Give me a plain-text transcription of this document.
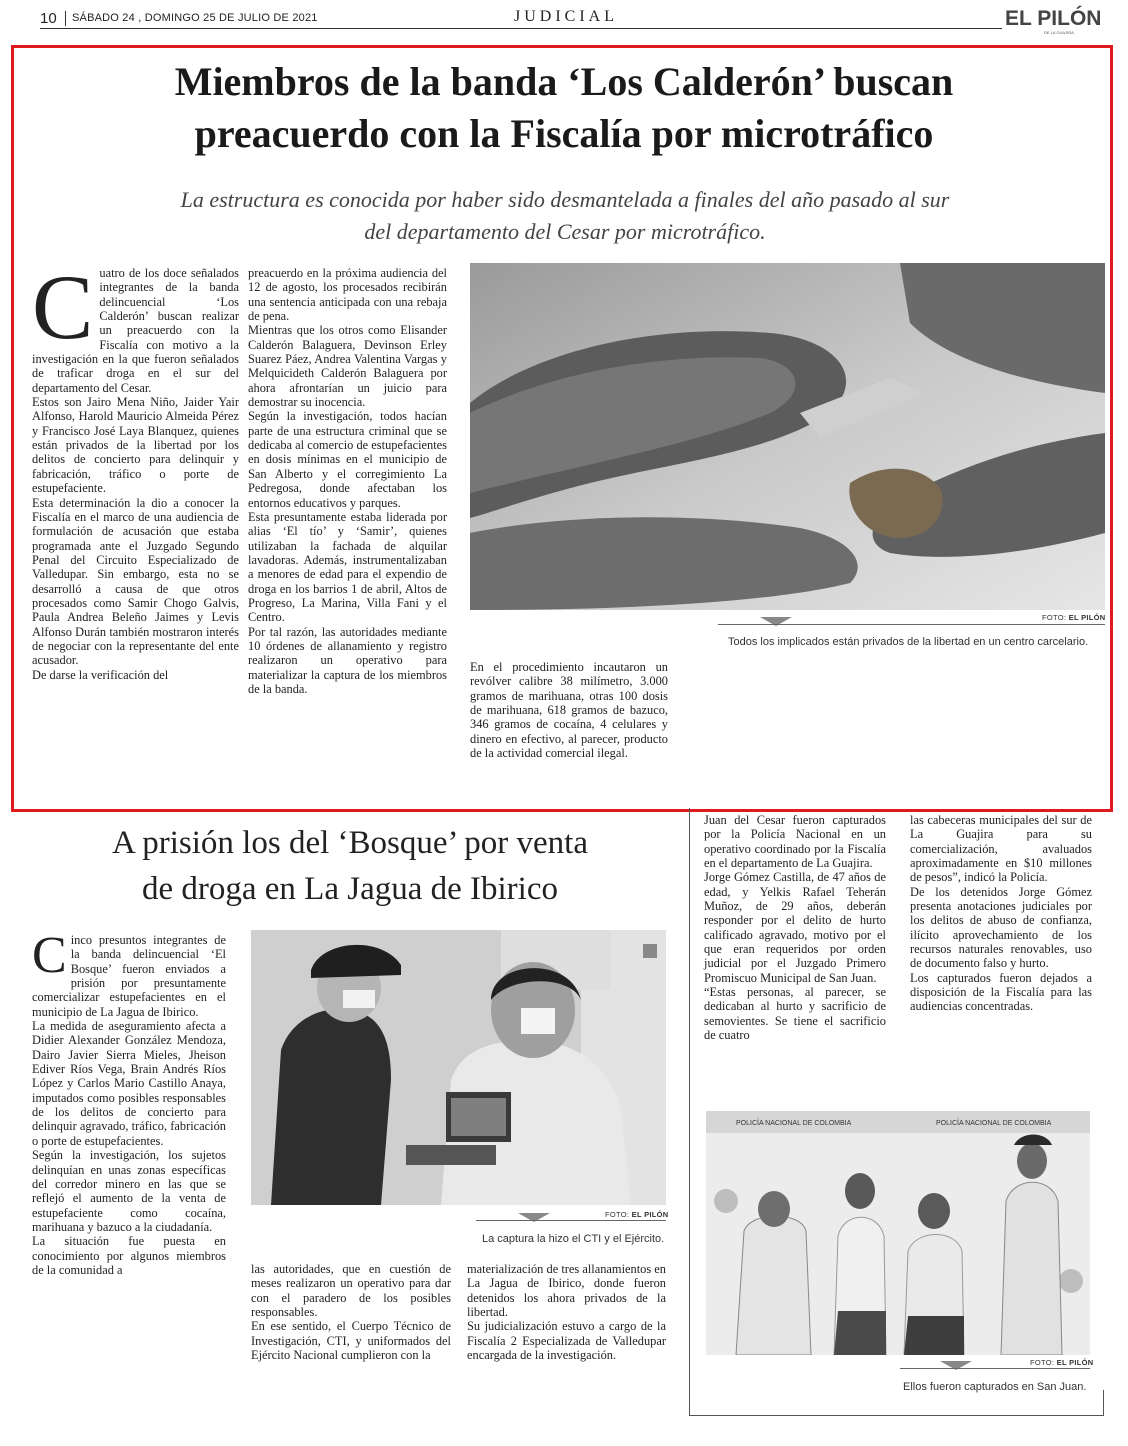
10 SÁBADO 24 , DOMINGO 25 DE JULIO DE 2021	JUDICIAL	EL PILÓN
DE LA GUAJIRA
Miembros de la banda ‘Los Calderón’ buscan
preacuerdo con la Fiscalía por microtráfico
La estructura es conocida por haber sido desmantelada a finales del año pasado al sur
del departamento del Cesar por microtráfico.

Cuatro de los doce señalados integrantes de la banda delincuencial ‘Los Calderón’ buscan realizar un preacuerdo con la Fiscalía con motivo a la investigación en la que fueron señalados de traficar droga en el sur del departamento del Cesar.

Estos son Jairo Mena Niño, Jaider Yair Alfonso, Harold Mauricio Almeida Pérez y Francisco José Laya Blanquez, quienes están privados de la libertad por los delitos de concierto para delinquir y fabricación, tráfico o porte de estupefaciente.

Esta determinación la dio a conocer la Fiscalía en el marco de una audiencia de formulación de acusación que estaba programada ante el Juzgado Segundo Penal del Circuito Especializado de Valledupar. Sin embargo, esta no se desarrolló a causa de que otros procesados como Samir Chogo Galvis, Paula Andrea Beleño Jaimes y Levis Alfonso Durán también mostraron interés de negociar con la representante del ente acusador.

De darse la verificación del

preacuerdo en la próxima audiencia del 12 de agosto, los procesados recibirán una sentencia anticipada con una rebaja de pena.

Mientras que los otros como Elisander Calderón Balaguera, Devinson Erley Suarez Páez, Andrea Valentina Vargas y Melquicideth Calderón Balaguera por ahora afrontarían un juicio para demostrar su inocencia.

Según la investigación, todos hacían parte de una estructura criminal que se dedicaba al comercio de estupefacientes en dosis mínimas en el municipio de San Alberto y el corregimiento La Pedregosa, donde afectaban los entornos educativos y parques.

Esta presuntamente estaba liderada por alias ‘El tío’ y ‘Samir’, quienes utilizaban la fachada de alquilar lavadoras. Además, instrumentalizaban a menores de edad para el expendio de droga en los barrios 1 de abril, Altos de Progreso, La Marina, Villa Fani y el Centro.

Por tal razón, las autoridades mediante 10 órdenes de allanamiento y registro realizaron un operativo para materializar la captura de los miembros de la banda.

FOTO: EL PILÓN
Todos los implicados están privados de la libertad en un centro carcelario.

En el procedimiento incautaron un revólver calibre 38 milímetro, 3.000 gramos de marihuana, otras 100 dosis de marihuana, 618 gramos de bazuco, 346 gramos de cocaína, 4 celulares y dinero en efectivo, al parecer, producto de la actividad comercial ilegal.

A prisión los del ‘Bosque’ por venta
de droga en La Jagua de Ibirico

Cinco presuntos integrantes de la banda delincuencial ‘El Bosque’ fueron enviados a prisión por presuntamente comercializar estupefacientes en el municipio de La Jagua de Ibirico.

La medida de aseguramiento afecta a Didier Alexander González Mendoza, Dairo Javier Sierra Mieles, Jheison Ediver Ríos Vega, Brain Andrés Ríos López y Carlos Mario Castillo Anaya, imputados como posibles responsables de los delitos de concierto para delinquir agravado, tráfico, fabricación o porte de estupefacientes.

Según la investigación, los sujetos delinquían en unas zonas específicas del corredor minero en las que se reflejó el aumento de la venta de estupefaciente como cocaína, marihuana y bazuco a la ciudadanía.

La situación fue puesta en conocimiento por algunos miembros de la comunidad a

FOTO: EL PILÓN
La captura la hizo el CTI y el Ejército.

las autoridades, que en cuestión de meses realizaron un operativo para dar con el paradero de los posibles responsables.

En ese sentido, el Cuerpo Técnico de Investigación, CTI, y uniformados del Ejército Nacional cumplieron con la

materialización de tres allanamientos en La Jagua de Ibirico, donde fueron detenidos los ahora privados de la libertad.

Su judicialización estuvo a cargo de la Fiscalía 2 Especializada de Valledupar encargada de la investigación.

Juan del Cesar fueron capturados por la Policía Nacional en un operativo coordinado por la Fiscalía en el departamento de La Guajira.

Jorge Gómez Castilla, de 47 años de edad, y Yelkis Rafael Teherán Muñoz, de 29 años, deberán responder por el delito de hurto calificado agravado, motivo por el que eran requeridos por orden judicial por el Juzgado Primero Promiscuo Municipal de San Juan.

“Estas personas, al parecer, se dedicaban al hurto y sacrificio de semovientes. Se tiene el sacrificio de cuatro

las cabeceras municipales del sur de La Guajira para su comercialización, avaluados aproximadamente en $10 millones de pesos”, indicó la Policía.

De los detenidos Jorge Gómez presenta anotaciones judiciales por los delitos de abuso de confianza, ilícito aprovechamiento de los recursos naturales renovables, uso de documento falso y hurto.

Los capturados fueron dejados a disposición de la Fiscalía para las audiencias concentradas.

POLICÍA NACIONAL DE COLOMBIA	POLICÍA NACIONAL DE COLOMBIA
FOTO: EL PILÓN
Ellos fueron capturados en San Juan.
